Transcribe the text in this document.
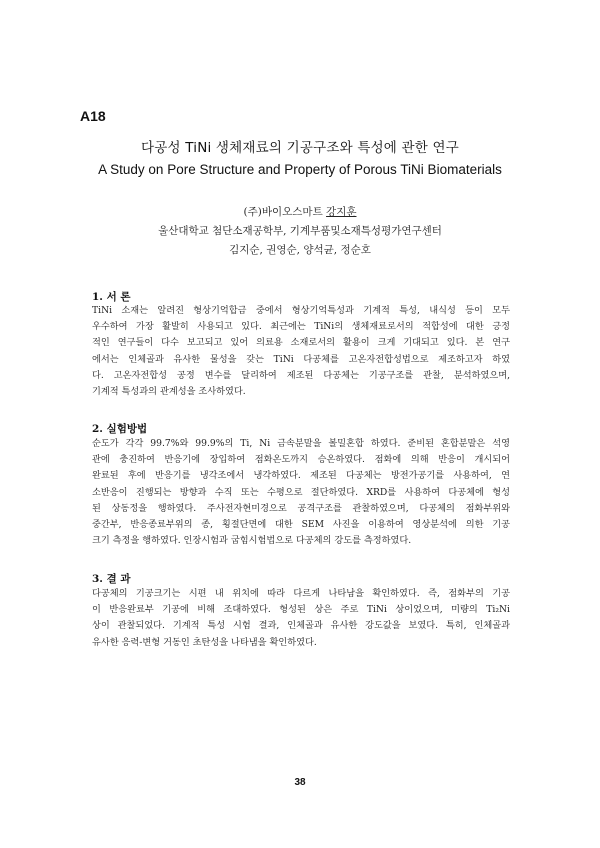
A18
다공성 TiNi 생체재료의 기공구조와 특성에 관한 연구
A Study on Pore Structure and Property of Porous TiNi Biomaterials
(주)바이오스마트 강지훈
울산대학교 첨단소재공학부, 기계부품및소재특성평가연구센터
김지순, 권영순, 양석균, 정순호
1. 서 론
TiNi 소재는 알려진 형상기억합금 중에서 형상기억특성과 기계적 특성, 내식성 등이 모두
우수하여 가장 활발히 사용되고 있다. 최근에는 TiNi의 생체재료로서의 적합성에 대한 긍정
적인 연구들이 다수 보고되고 있어 의료용 소재로서의 활용이 크게 기대되고 있다. 본 연구
에서는 인체골과 유사한 물성을 갖는 TiNi 다공체를 고온자전합성법으로 제조하고자 하였
다. 고온자전합성 공정 변수를 달리하여 제조된 다공체는 기공구조를 관찰, 분석하였으며,
기계적 특성과의 관계성을 조사하였다.
2. 실험방법
순도가 각각 99.7%와 99.9%의 Ti, Ni 금속분말을 볼밀혼합 하였다. 준비된 혼합분말은 석영
관에 충진하여 반응기에 장입하여 점화온도까지 승온하였다. 점화에 의해 반응이 개시되어
완료된 후에 반응기를 냉각조에서 냉각하였다. 제조된 다공체는 방전가공기를 사용하여, 연
소반응이 진행되는 방향과 수직 또는 수평으로 절단하였다. XRD를 사용하여 다공체에 형성
된 상동정을 행하였다. 주사전자현미경으로 공격구조를 관찰하였으며, 다공체의 점화부위와
중간부, 반응종료부위의 종, 횡절단면에 대한 SEM 사진을 이용하여 영상분석에 의한 기공
크기 측정을 행하였다. 인장시험과 굽힘시험법으로 다공체의 강도를 측정하였다.
3. 결 과
다공체의 기공크기는 시편 내 위치에 따라 다르게 나타남을 확인하였다. 즉, 점화부의 기공
이 반응완료부 기공에 비해 조대하였다. 형성된 상은 주로 TiNi 상이었으며, 미량의 Ti₂Ni
상이 관찰되었다. 기계적 특성 시험 결과, 인체골과 유사한 강도값을 보였다. 특히, 인체골과
유사한 응력-변형 거동인 초탄성을 나타냄을 확인하였다.
38
